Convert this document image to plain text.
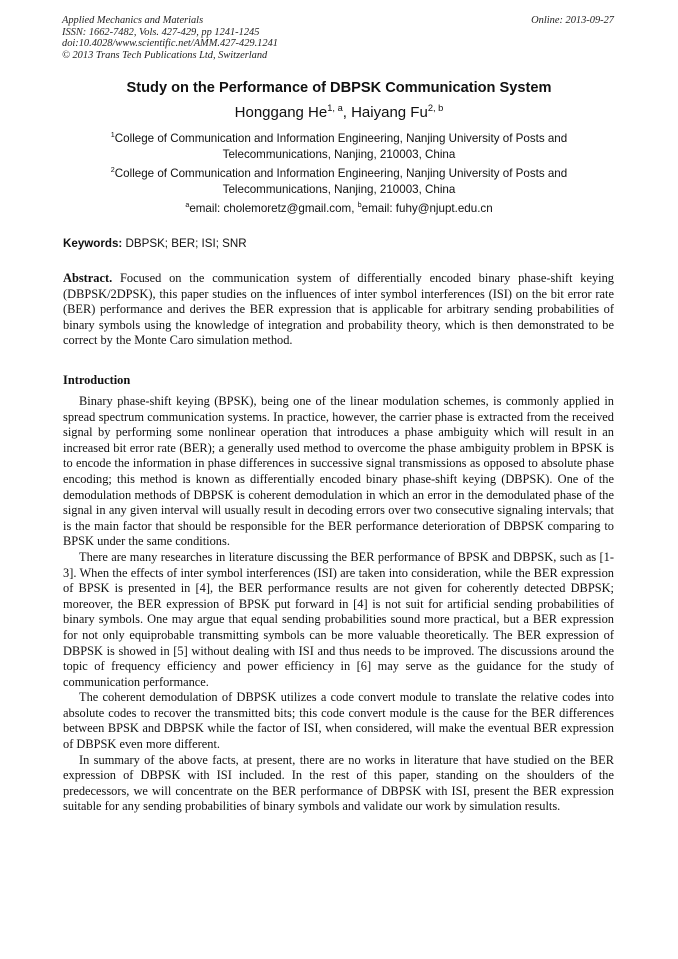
Applied Mechanics and Materials
ISSN: 1662-7482, Vols. 427-429, pp 1241-1245
doi:10.4028/www.scientific.net/AMM.427-429.1241
© 2013 Trans Tech Publications Ltd, Switzerland
Online: 2013-09-27
Study on the Performance of DBPSK Communication System
Honggang He$^{1, a}$, Haiyang Fu$^{2, b}$
$^1$College of Communication and Information Engineering, Nanjing University of Posts and Telecommunications, Nanjing, 210003, China
$^2$College of Communication and Information Engineering, Nanjing University of Posts and Telecommunications, Nanjing, 210003, China
$^a$email: cholemoretz@gmail.com, $^b$email: fuhy@njupt.edu.cn
Keywords: DBPSK; BER; ISI; SNR
Abstract. Focused on the communication system of differentially encoded binary phase-shift keying (DBPSK/2DPSK), this paper studies on the influences of inter symbol interferences (ISI) on the bit error rate (BER) performance and derives the BER expression that is applicable for arbitrary sending probabilities of binary symbols using the knowledge of integration and probability theory, which is then demonstrated to be correct by the Monte Caro simulation method.
Introduction

Binary phase-shift keying (BPSK), being one of the linear modulation schemes, is commonly applied in spread spectrum communication systems. In practice, however, the carrier phase is extracted from the received signal by performing some nonlinear operation that introduces a phase ambiguity which will result in an increased bit error rate (BER); a generally used method to overcome the phase ambiguity problem in BPSK is to encode the information in phase differences in successive signal transmissions as opposed to absolute phase encoding; this method is known as differentially encoded binary phase-shift keying (DBPSK). One of the demodulation methods of DBPSK is coherent demodulation in which an error in the demodulated phase of the signal in any given interval will usually result in decoding errors over two consecutive signaling intervals; that is the main factor that should be responsible for the BER performance deterioration of DBPSK comparing to BPSK under the same conditions.

There are many researches in literature discussing the BER performance of BPSK and DBPSK, such as [1-3]. When the effects of inter symbol interferences (ISI) are taken into consideration, while the BER expression of BPSK is presented in [4], the BER performance results are not given for coherently detected DBPSK; moreover, the BER expression of BPSK put forward in [4] is not suit for artificial sending probabilities of binary symbols. One may argue that equal sending probabilities sound more practical, but a BER expression for not only equiprobable transmitting symbols can be more valuable theoretically. The BER expression of DBPSK is showed in [5] without dealing with ISI and thus needs to be improved. The discussions around the topic of frequency efficiency and power efficiency in [6] may serve as the guidance for the study of communication performance.

The coherent demodulation of DBPSK utilizes a code convert module to translate the relative codes into absolute codes to recover the transmitted bits; this code convert module is the cause for the BER differences between BPSK and DBPSK while the factor of ISI, when considered, will make the eventual BER expression of DBPSK even more different.

In summary of the above facts, at present, there are no works in literature that have studied on the BER expression of DBPSK with ISI included. In the rest of this paper, standing on the shoulders of the predecessors, we will concentrate on the BER performance of DBPSK with ISI, present the BER expression suitable for any sending probabilities of binary symbols and validate our work by simulation results.
